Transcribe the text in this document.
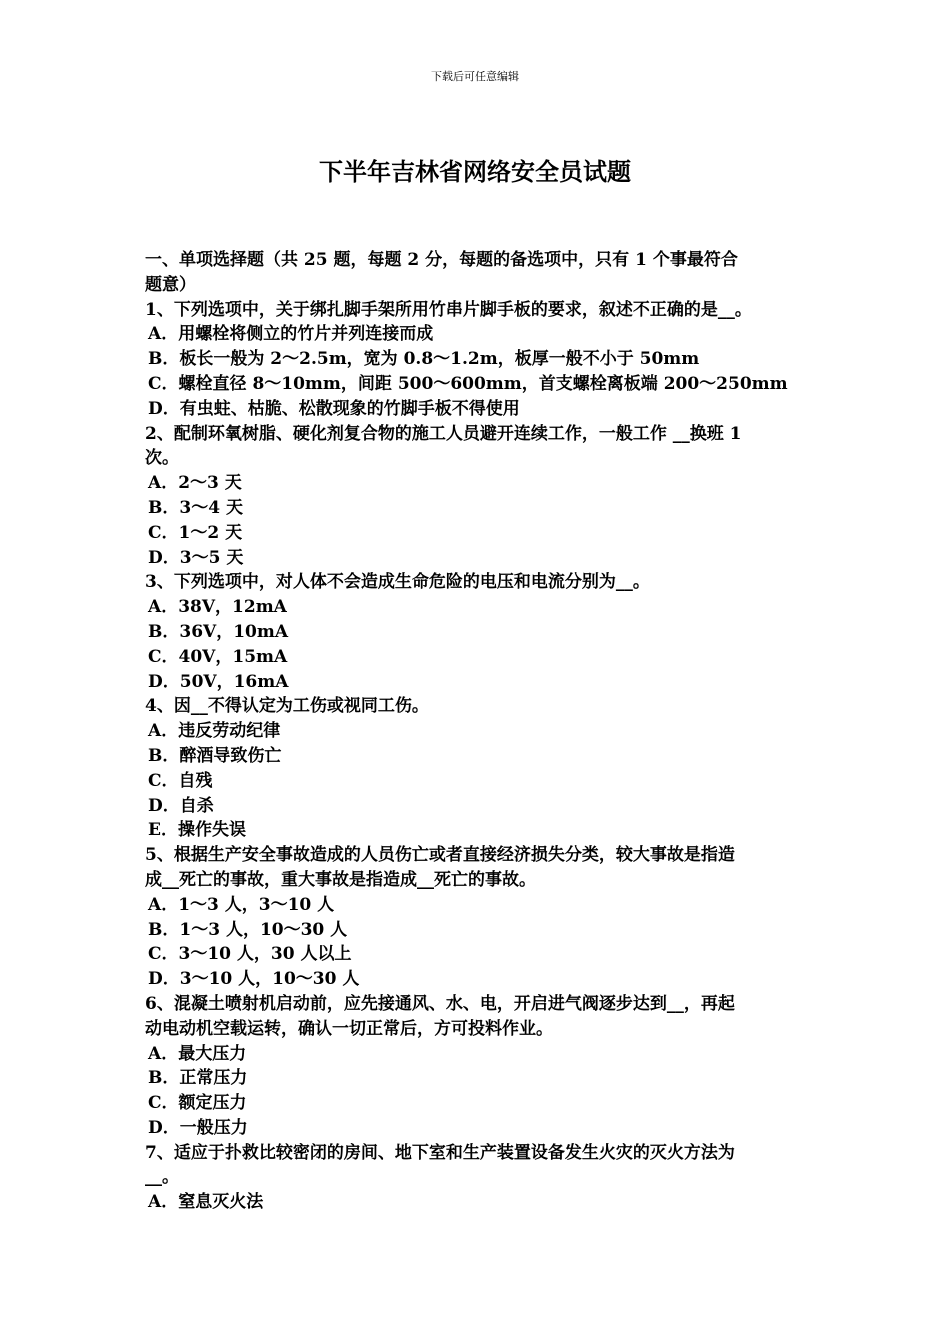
下载后可任意编辑
下半年吉林省网络安全员试题
一、单项选择题（共 25 题，每题 2 分，每题的备选项中，只有 1 个事最符合
题意）
1、下列选项中，关于绑扎脚手架所用竹串片脚手板的要求，叙述不正确的是__。
A．用螺栓将侧立的竹片并列连接而成
B．板长一般为 2～2.5m，宽为 0.8～1.2m，板厚一般不小于 50mm
C．螺栓直径 8～10mm，间距 500～600mm，首支螺栓离板端 200～250mm
D．有虫蛀、枯脆、松散现象的竹脚手板不得使用
2、配制环氧树脂、硬化剂复合物的施工人员避开连续工作，一般工作 __换班 1
次。
A．2～3 天
B．3～4 天
C．1～2 天
D．3～5 天
3、下列选项中，对人体不会造成生命危险的电压和电流分别为__。
A．38V，12mA
B．36V，10mA
C．40V，15mA
D．50V，16mA
4、因__不得认定为工伤或视同工伤。
A．违反劳动纪律
B．醉酒导致伤亡
C．自残
D．自杀
E．操作失误
5、根据生产安全事故造成的人员伤亡或者直接经济损失分类，较大事故是指造
成__死亡的事故，重大事故是指造成__死亡的事故。
A．1～3 人，3～10 人
B．1～3 人，10～30 人
C．3～10 人，30 人以上
D．3～10 人，10～30 人
6、混凝土喷射机启动前，应先接通风、水、电，开启进气阀逐步达到__，再起
动电动机空载运转，确认一切正常后，方可投料作业。
A．最大压力
B．正常压力
C．额定压力
D．一般压力
7、适应于扑救比较密闭的房间、地下室和生产装置设备发生火灾的灭火方法为
__。
A．窒息灭火法
